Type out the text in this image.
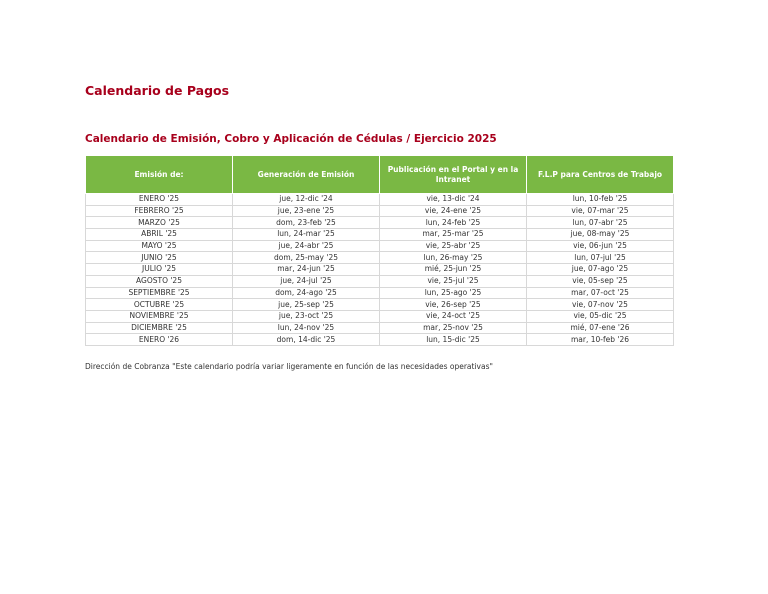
Calendario de Pagos
Calendario de Emisión, Cobro y Aplicación de Cédulas / Ejercicio 2025
Emisión de:	Generación de Emisión	Publicación en el Portal y en la Intranet	F.L.P para Centros de Trabajo
ENERO '25	jue, 12-dic '24	vie, 13-dic '24	lun, 10-feb '25
FEBRERO '25	jue, 23-ene '25	vie, 24-ene '25	vie, 07-mar '25
MARZO '25	dom, 23-feb '25	lun, 24-feb '25	lun, 07-abr '25
ABRIL '25	lun, 24-mar '25	mar, 25-mar '25	jue, 08-may '25
MAYO '25	jue, 24-abr '25	vie, 25-abr '25	vie, 06-jun '25
JUNIO '25	dom, 25-may '25	lun, 26-may '25	lun, 07-jul '25
JULIO '25	mar, 24-jun '25	mié, 25-jun '25	jue, 07-ago '25
AGOSTO '25	jue, 24-jul '25	vie, 25-jul '25	vie, 05-sep '25
SEPTIEMBRE '25	dom, 24-ago '25	lun, 25-ago '25	mar, 07-oct '25
OCTUBRE '25	jue, 25-sep '25	vie, 26-sep '25	vie, 07-nov '25
NOVIEMBRE '25	jue, 23-oct '25	vie, 24-oct '25	vie, 05-dic '25
DICIEMBRE '25	lun, 24-nov '25	mar, 25-nov '25	mié, 07-ene '26
ENERO '26	dom, 14-dic '25	lun, 15-dic '25	mar, 10-feb '26

Dirección de Cobranza "Este calendario podría variar ligeramente en función de las necesidades operativas"
